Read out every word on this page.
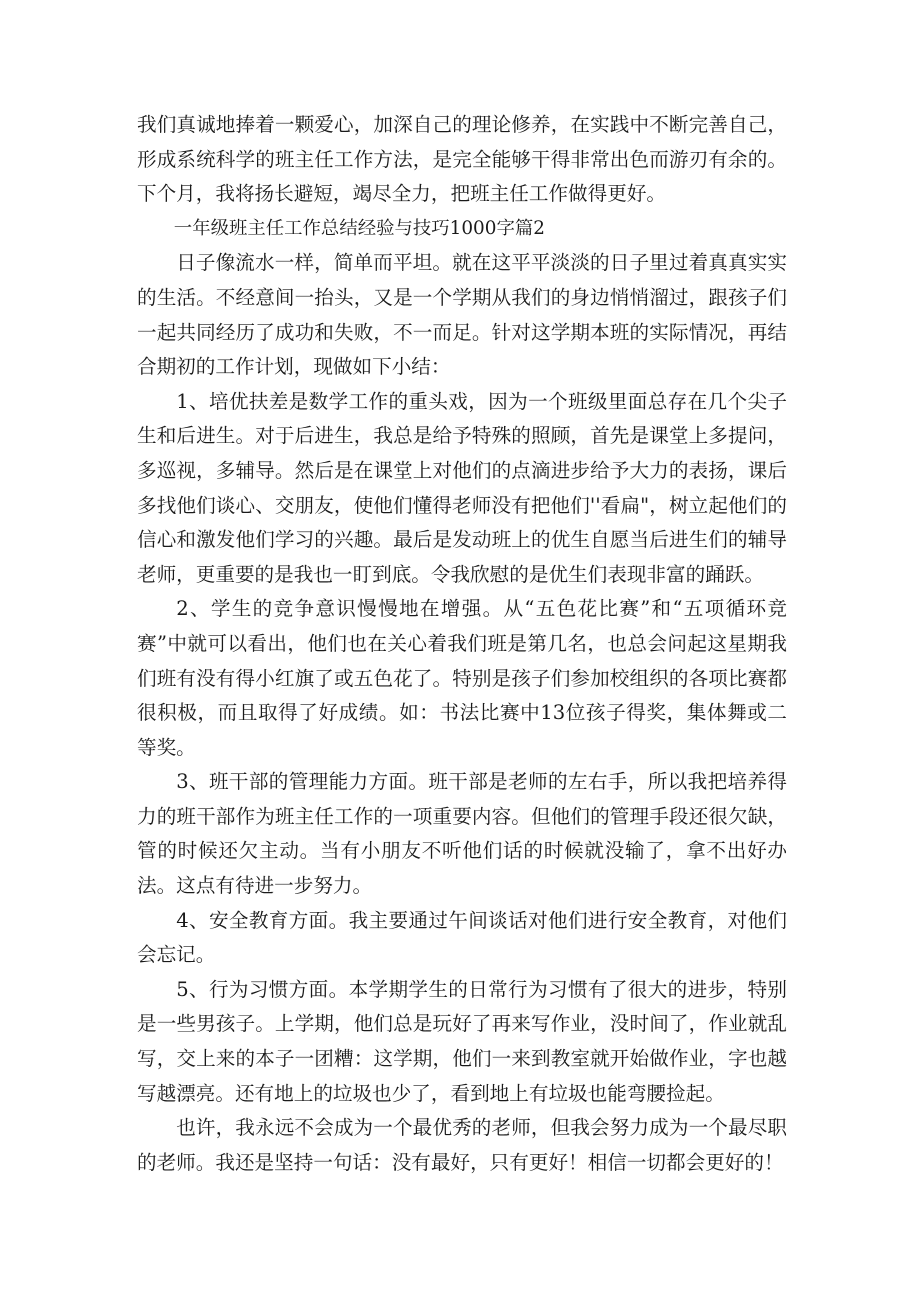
我们真诚地捧着一颗爱心，加深自己的理论修养，在实践中不断完善自己，形成系统科学的班主任工作方法，是完全能够干得非常出色而游刃有余的。下个月，我将扬长避短，竭尽全力，把班主任工作做得更好。

一年级班主任工作总结经验与技巧1000字篇2

日子像流水一样，简单而平坦。就在这平平淡淡的日子里过着真真实实的生活。不经意间一抬头，又是一个学期从我们的身边悄悄溜过，跟孩子们一起共同经历了成功和失败，不一而足。针对这学期本班的实际情况，再结合期初的工作计划，现做如下小结：

1、培优扶差是数学工作的重头戏，因为一个班级里面总存在几个尖子生和后进生。对于后进生，我总是给予特殊的照顾，首先是课堂上多提问，多巡视，多辅导。然后是在课堂上对他们的点滴进步给予大力的表扬，课后多找他们谈心、交朋友，使他们懂得老师没有把他们''看扁"，树立起他们的信心和激发他们学习的兴趣。最后是发动班上的优生自愿当后进生们的辅导老师，更重要的是我也一盯到底。令我欣慰的是优生们表现非富的踊跃。

2、学生的竞争意识慢慢地在增强。从“五色花比赛”和“五项循环竞赛”中就可以看出，他们也在关心着我们班是第几名，也总会问起这星期我们班有没有得小红旗了或五色花了。特别是孩子们参加校组织的各项比赛都很积极，而且取得了好成绩。如：书法比赛中13位孩子得奖，集体舞或二等奖。

3、班干部的管理能力方面。班干部是老师的左右手，所以我把培养得力的班干部作为班主任工作的一项重要内容。但他们的管理手段还很欠缺，管的时候还欠主动。当有小朋友不听他们话的时候就没输了，拿不出好办法。这点有待进一步努力。

4、安全教育方面。我主要通过午间谈话对他们进行安全教育，对他们会忘记。

5、行为习惯方面。本学期学生的日常行为习惯有了很大的进步，特别是一些男孩子。上学期，他们总是玩好了再来写作业，没时间了，作业就乱写，交上来的本子一团糟：这学期，他们一来到教室就开始做作业，字也越写越漂亮。还有地上的垃圾也少了，看到地上有垃圾也能弯腰捡起。

也许，我永远不会成为一个最优秀的老师，但我会努力成为一个最尽职的老师。我还是坚持一句话：没有最好，只有更好！相信一切都会更好的！
